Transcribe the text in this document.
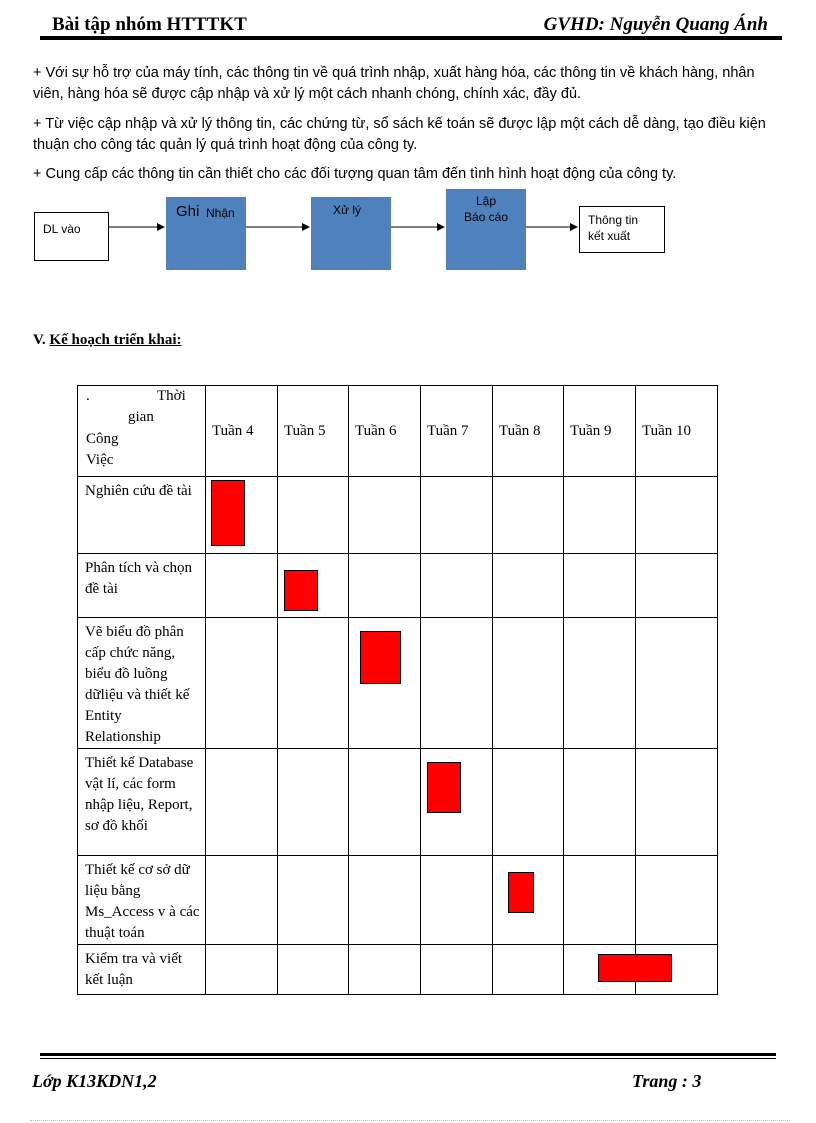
Bài tập nhóm HTTTKT	GVHD: Nguyễn Quang Ánh

+ Với sự hỗ trợ của máy tính, các thông tin về quá trình nhập, xuất hàng hóa, các thông tin về khách hàng, nhân viên, hàng hóa sẽ được cập nhập và xử lý một cách nhanh chóng, chính xác, đầy đủ.

+ Từ việc cập nhập và xử lý thông tin, các chứng từ, sổ sách kế toán sẽ được lập một cách dễ dàng, tạo điều kiện thuận cho công tác quản lý quá trình hoạt động của công ty.

+ Cung cấp các thông tin cần thiết cho các đối tượng quan tâm đến tình hình hoạt động của công ty.

DL vào
Ghi Nhận	Xử lý
Lập
Báo cáo	Thông tin
kết xuất
V. Kế hoạch triển khai:
. Thời
gian
Công
Việc	Tuần 4	Tuần 5	Tuần 6	Tuần 7	Tuần 8	Tuần 9	Tuần 10
Nghiên cứu đề tài	

Phân tích và chọn đề tài		

Vẽ biểu đồ phân cấp chức năng, biểu đồ luồng dữliệu và thiết kế Entity Relationship			

Thiết kế Database vật lí, các form nhập liệu, Report, sơ đồ khối				

Thiết kế cơ sở dữ liệu bằng Ms_Access v à các thuật toán					

Kiểm tra và viết kết luận						

Lớp K13KDN1,2	Trang : 3
